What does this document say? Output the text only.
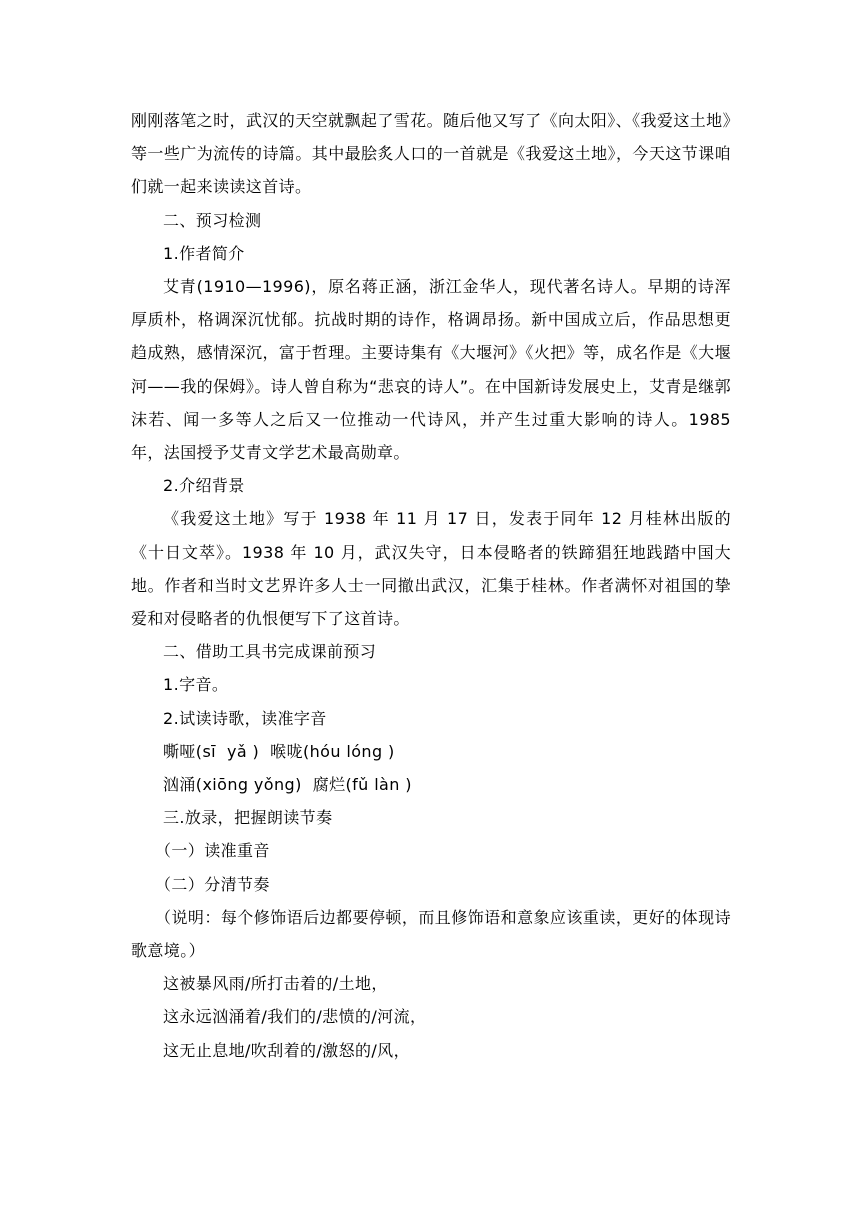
刚刚落笔之时，武汉的天空就飘起了雪花。随后他又写了《向太阳》、《我爱这土地》等一些广为流传的诗篇。其中最脍炙人口的一首就是《我爱这土地》，今天这节课咱们就一起来读读这首诗。

二、预习检测

1.作者简介

艾青(1910—1996)，原名蒋正涵，浙江金华人，现代著名诗人。早期的诗浑厚质朴，格调深沉忧郁。抗战时期的诗作，格调昂扬。新中国成立后，作品思想更趋成熟，感情深沉，富于哲理。主要诗集有《大堰河》《火把》等，成名作是《大堰河——我的保姆》。诗人曾自称为“悲哀的诗人”。在中国新诗发展史上，艾青是继郭沫若、闻一多等人之后又一位推动一代诗风，并产生过重大影响的诗人。1985 年，法国授予艾青文学艺术最高勋章。

2.介绍背景

《我爱这土地》写于 1938 年 11 月 17 日，发表于同年 12 月桂林出版的《十日文萃》。1938 年 10 月，武汉失守，日本侵略者的铁蹄猖狂地践踏中国大地。作者和当时文艺界许多人士一同撤出武汉，汇集于桂林。作者满怀对祖国的挚爱和对侵略者的仇恨便写下了这首诗。

二、借助工具书完成课前预习

1.字音。

2.试读诗歌，读准字音

嘶哑(sī  yǎ )  喉咙(hóu lóng )

汹涌(xiōng yǒng)  腐烂(fǔ làn )

三.放录，把握朗读节奏

（一）读准重音

（二）分清节奏

（说明：每个修饰语后边都要停顿，而且修饰语和意象应该重读，更好的体现诗歌意境。）

这被暴风雨/所打击着的/土地，

这永远汹涌着/我们的/悲愤的/河流，

这无止息地/吹刮着的/激怒的/风，
